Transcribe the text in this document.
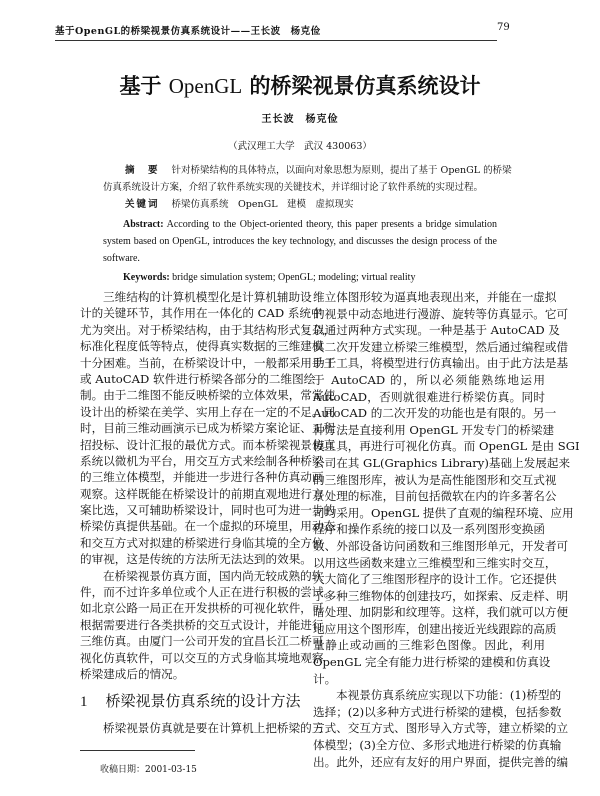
基于OpenGL的桥梁视景仿真系统设计——王长波　杨克俭	79
基于 OpenGL 的桥梁视景仿真系统设计
王长波　杨克俭
（武汉理工大学　武汉 430063）
摘　要 针对桥梁结构的具体特点，以面向对象思想为原则，提出了基于 OpenGL 的桥梁
仿真系统设计方案，介绍了软件系统实现的关键技术，并详细讨论了软件系统的实现过程。
关键词 桥梁仿真系统　OpenGL　建模　虚拟现实
Abstract: According to the Object-oriented theory, this paper presents a bridge simulation
system based on OpenGL, introduces the key technology, and discusses the design process of the
software.
Keywords: bridge simulation system; OpenGL; modeling; virtual reality
三维结构的计算机模型化是计算机辅助设
计的关键环节，其作用在一体化的 CAD 系统中
尤为突出。对于桥梁结构，由于其结构形式复杂，
标准化程度低等特点，使得真实数据的三维建模
十分困难。当前，在桥梁设计中，一般都采用手工
或 AutoCAD 软件进行桥梁各部分的二维图绘
制。由于二维图不能反映桥梁的立体效果，常常使
设计出的桥梁在美学、实用上存在一定的不足。同
时，目前三维动画演示已成为桥梁方案论证、工程
招投标、设计汇报的最优方式。而本桥梁视景仿真
系统以微机为平台，用交互方式来绘制各种桥梁
的三维立体模型，并能进一步进行各种仿真动画
观察。这样既能在桥梁设计的前期直观地进行方
案比选，又可辅助桥梁设计，同时也可为进一步的
桥梁仿真提供基础。在一个虚拟的环境里，用动态
和交互方式对拟建的桥梁进行身临其境的全方位
的审视，这是传统的方法所无法达到的效果。
在桥梁视景仿真方面，国内尚无较成熟的软
件，而不过许多单位或个人正在进行积极的尝试。
如北京公路一局正在开发拱桥的可视化软件，可
根据需要进行各类拱桥的交互式设计，并能进行
三维仿真。由厦门一公司开发的宜昌长江二桥可
视化仿真软件，可以交互的方式身临其境地观察
桥梁建成后的情况。
维立体图形较为逼真地表现出来，并能在一虚拟
的视景中动态地进行漫游、旋转等仿真显示。它可
以通过两种方式实现。一种是基于 AutoCAD 及
其二次开发建立桥梁三维模型，然后通过编程或借
助于工具，将模型进行仿真输出。由于此方法是基
于 AutoCAD 的，所以必须能熟练地运用
AutoCAD，否则就很难进行桥梁仿真。同时
AutoCAD 的二次开发的功能也是有限的。另一
种方法是直接利用 OpenGL 开发专门的桥梁建
模工具，再进行可视化仿真。而 OpenGL 是由 SGI
公司在其 GL(Graphics Library)基础上发展起来
的三维图形库，被认为是高性能图形和交互式视
景处理的标准，目前包括微软在内的许多著名公
司均采用。OpenGL 提供了直观的编程环境、应用
程序和操作系统的接口以及一系列图形变换函
数、外部设备访问函数和三维图形单元，开发者可
以用这些函数来建立三维模型和三维实时交互，
大大简化了三维图形程序的设计工作。它还提供
了多种三维物体的创建技巧，如探索、反走样、明
暗处理、加阴影和纹理等。这样，我们就可以方便
地应用这个图形库，创建出接近光线跟踪的高质
量静止或动画的三维彩色图像。因此，利用
OpenGL 完全有能力进行桥梁的建模和仿真设
计。
本视景仿真系统应实现以下功能：(1)桥型的
选择；(2)以多种方式进行桥梁的建模，包括参数
方式、交互方式、图形导入方式等，建立桥梁的立
体模型；(3)全方位、多形式地进行桥梁的仿真输
出。此外，还应有友好的用户界面，提供完善的编
1 桥梁视景仿真系统的设计方法
桥梁视景仿真就是要在计算机上把桥梁的三
收稿日期：2001-03-15
